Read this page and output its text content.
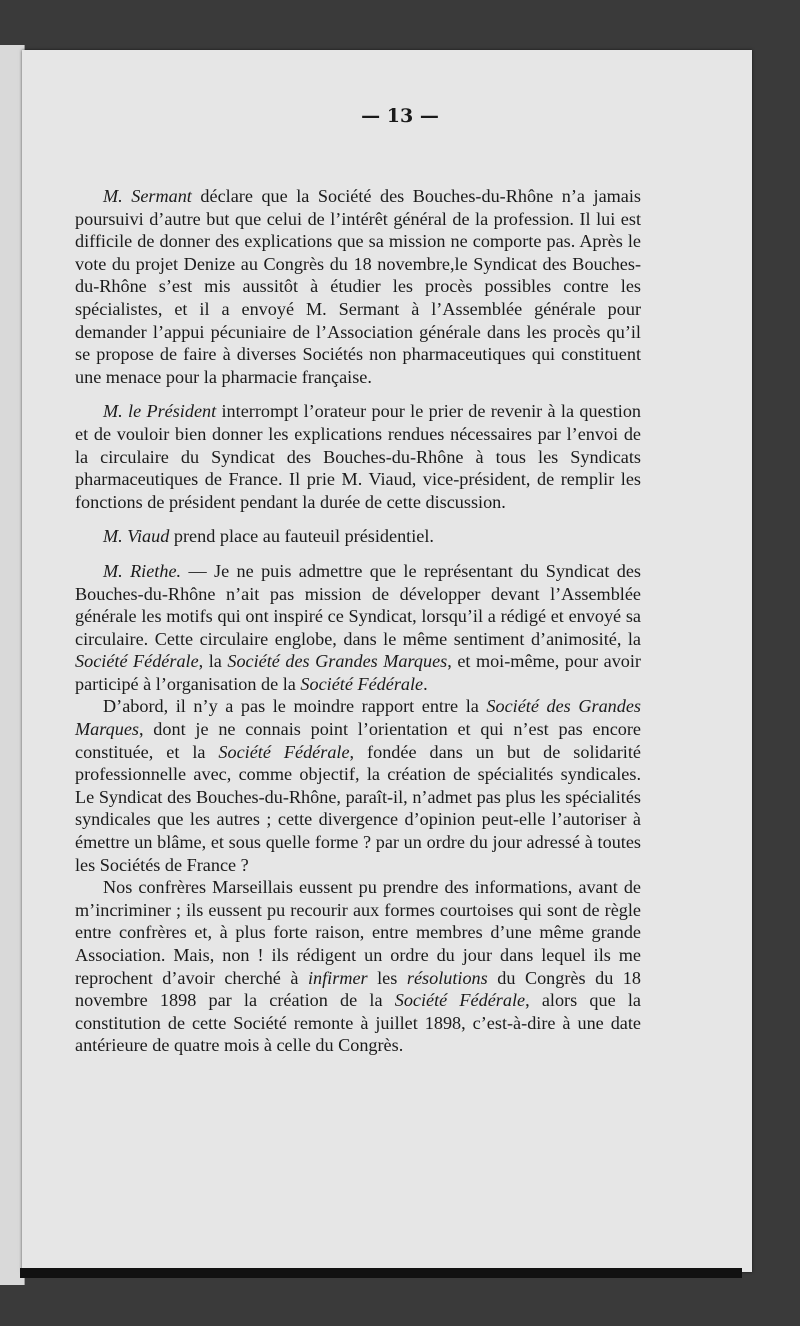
— 13 —

M. Sermant déclare que la Société des Bouches-du-Rhône n’a jamais poursuivi d’autre but que celui de l’intérêt général de la profession. Il lui est difficile de donner des explications que sa mission ne comporte pas. Après le vote du projet Denize au Congrès du 18 novembre,le Syndicat des Bouches-du-Rhône s’est mis aussitôt à étudier les procès possibles contre les spécialistes, et il a envoyé M. Sermant à l’Assemblée générale pour demander l’appui pécuniaire de l’Association générale dans les procès qu’il se propose de faire à diverses Sociétés non pharmaceutiques qui constituent une menace pour la pharmacie française.

M. le Président interrompt l’orateur pour le prier de revenir à la question et de vouloir bien donner les explications rendues nécessaires par l’envoi de la circulaire du Syndicat des Bouches-du-Rhône à tous les Syndicats pharmaceutiques de France. Il prie M. Viaud, vice-président, de remplir les fonctions de président pendant la durée de cette discussion.

M. Viaud prend place au fauteuil présidentiel.

M. Riethe. — Je ne puis admettre que le représentant du Syndicat des Bouches-du-Rhône n’ait pas mission de développer devant l’Assemblée générale les motifs qui ont inspiré ce Syndicat, lorsqu’il a rédigé et envoyé sa circulaire. Cette circulaire englobe, dans le même sentiment d’animosité, la Société Fédérale, la Société des Grandes Marques, et moi-même, pour avoir participé à l’organisation de la Société Fédérale.

D’abord, il n’y a pas le moindre rapport entre la Société des Grandes Marques, dont je ne connais point l’orientation et qui n’est pas encore constituée, et la Société Fédérale, fondée dans un but de solidarité professionnelle avec, comme objectif, la création de spécialités syndicales. Le Syndicat des Bouches-du-Rhône, paraît-il, n’admet pas plus les spécialités syndicales que les autres ; cette divergence d’opinion peut-elle l’autoriser à émettre un blâme, et sous quelle forme ? par un ordre du jour adressé à toutes les Sociétés de France ?

Nos confrères Marseillais eussent pu prendre des informations, avant de m’incriminer ; ils eussent pu recourir aux formes courtoises qui sont de règle entre confrères et, à plus forte raison, entre membres d’une même grande Association. Mais, non ! ils rédigent un ordre du jour dans lequel ils me reprochent d’avoir cherché à infirmer les résolutions du Congrès du 18 novembre 1898 par la création de la Société Fédérale, alors que la constitution de cette Société remonte à juillet 1898, c’est-à-dire à une date antérieure de quatre mois à celle du Congrès.
